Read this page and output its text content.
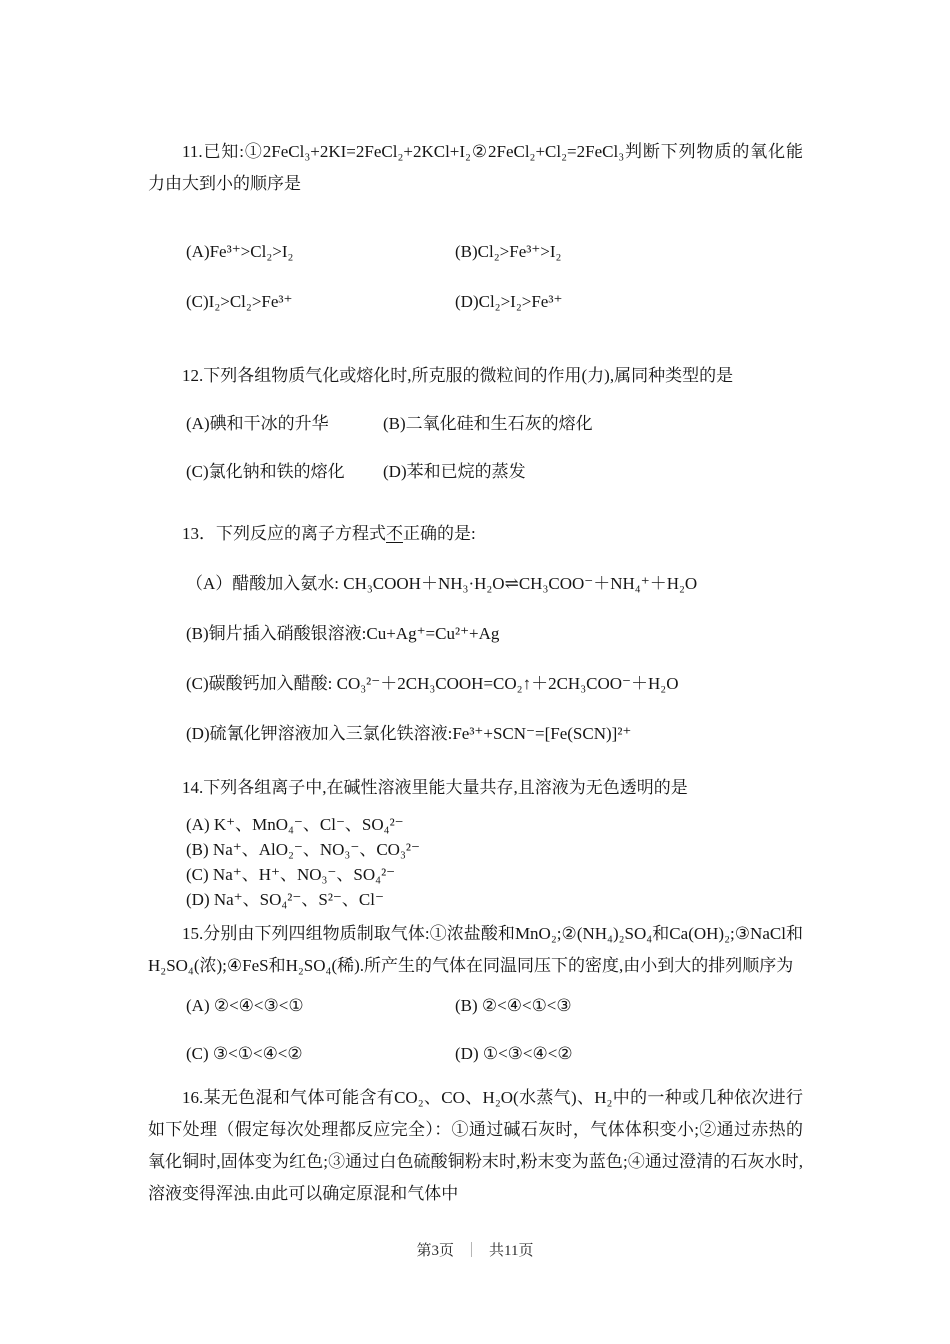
11.已知:①2FeCl₃+2KI=2FeCl₂+2KCl+I₂②2FeCl₂+Cl₂=2FeCl₃判断下列物质的氧化能力由大到小的顺序是

(A)Fe³⁺>Cl₂>I₂	(B)Cl₂>Fe³⁺>I₂
(C)I₂>Cl₂>Fe³⁺	(D)Cl₂>I₂>Fe³⁺

12.下列各组物质气化或熔化时,所克服的微粒间的作用(力),属同种类型的是

(A)碘和干冰的升华	(B)二氧化硅和生石灰的熔化
(C)氯化钠和铁的熔化	(D)苯和已烷的蒸发

13．下列反应的离子方程式不正确的是:

（A）醋酸加入氨水: CH₃COOH＋NH₃·H₂O⇌CH₃COO⁻＋NH₄⁺＋H₂O

(B)铜片插入硝酸银溶液:Cu+Ag⁺=Cu²⁺+Ag

(C)碳酸钙加入醋酸: CO₃²⁻＋2CH₃COOH=CO₂↑＋2CH₃COO⁻＋H₂O

(D)硫氰化钾溶液加入三氯化铁溶液:Fe³⁺+SCN⁻=[Fe(SCN)]²⁺

14.下列各组离子中,在碱性溶液里能大量共存,且溶液为无色透明的是

(A) K⁺、MnO₄⁻、Cl⁻、SO₄²⁻

(B) Na⁺、AlO₂⁻、NO₃⁻、CO₃²⁻

(C) Na⁺、H⁺、NO₃⁻、SO₄²⁻

(D) Na⁺、SO₄²⁻、S²⁻、Cl⁻

15.分别由下列四组物质制取气体:①浓盐酸和MnO₂;②(NH₄)₂SO₄和Ca(OH)₂;③NaCl和H₂SO₄(浓);④FeS和H₂SO₄(稀).所产生的气体在同温同压下的密度,由小到大的排列顺序为

(A) ②<④<③<①	(B) ②<④<①<③
(C) ③<①<④<②	(D) ①<③<④<②

16.某无色混和气体可能含有CO₂、CO、H₂O(水蒸气)、H₂中的一种或几种依次进行如下处理（假定每次处理都反应完全）：①通过碱石灰时，气体体积变小;②通过赤热的氧化铜时,固体变为红色;③通过白色硫酸铜粉末时,粉末变为蓝色;④通过澄清的石灰水时,溶液变得浑浊.由此可以确定原混和气体中

第3页 ｜ 共11页
